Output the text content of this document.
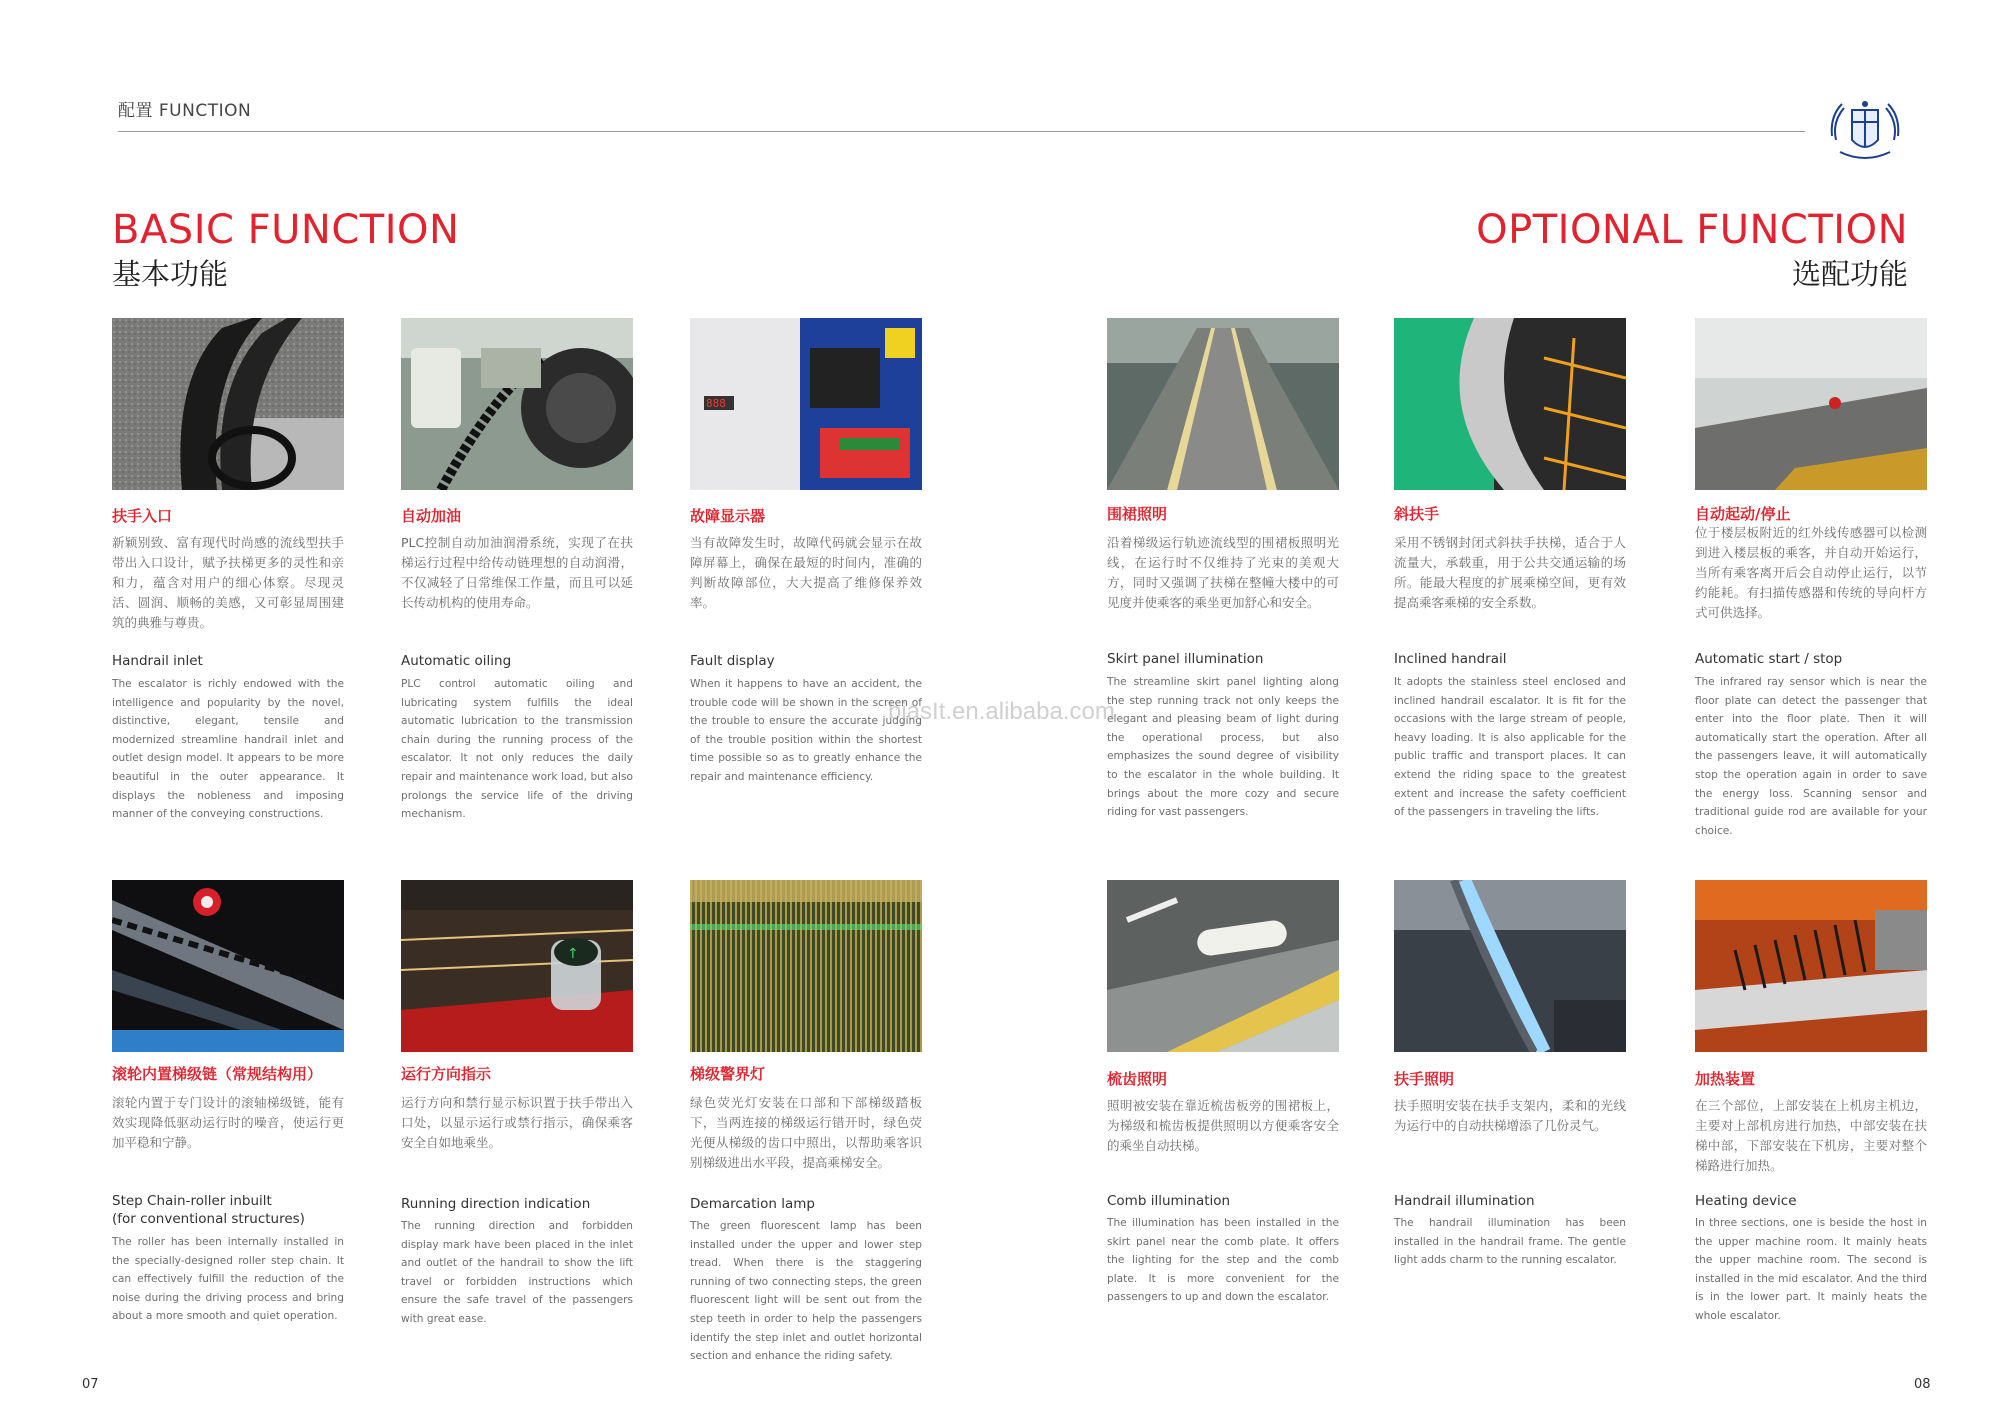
配置 FUNCTION
BASIC FUNCTION
基本功能
OPTIONAL FUNCTION
选配功能
888
扶手入口
新颖别致、富有现代时尚感的流线型扶手带出入口设计，赋予扶梯更多的灵性和亲和力，蕴含对用户的细心体察。尽现灵活、圆润、顺畅的美感，又可彰显周围建筑的典雅与尊贵。
Handrail inlet
The escalator is richly endowed with the intelligence and popularity by the novel, distinctive, elegant, tensile and modernized streamline handrail inlet and outlet design model. It appears to be more beautiful in the outer appearance. It displays the nobleness and imposing manner of the conveying constructions.
自动加油
PLC控制自动加油润滑系统，实现了在扶梯运行过程中给传动链理想的自动润滑，不仅减轻了日常维保工作量，而且可以延长传动机构的使用寿命。
Automatic oiling
PLC control automatic oiling and lubricating system fulfills the ideal automatic lubrication to the transmission chain during the running process of the escalator. It not only reduces the daily repair and maintenance work load, but also prolongs the service life of the driving mechanism.
故障显示器
当有故障发生时，故障代码就会显示在故障屏幕上，确保在最短的时间内，准确的判断故障部位，大大提高了维修保养效率。
Fault display
When it happens to have an accident, the trouble code will be shown in the screen of the trouble to ensure the accurate judging of the trouble position within the shortest time possible so as to greatly enhance the repair and maintenance efficiency.
围裙照明
沿着梯级运行轨迹流线型的围裙板照明光线，在运行时不仅维持了光束的美观大方，同时又强调了扶梯在整幢大楼中的可见度并使乘客的乘坐更加舒心和安全。
Skirt panel illumination
The streamline skirt panel lighting along the step running track not only keeps the elegant and pleasing beam of light during the operational process, but also emphasizes the sound degree of visibility to the escalator in the whole building. It brings about the more cozy and secure riding for vast passengers.
斜扶手
采用不锈钢封闭式斜扶手扶梯，适合于人流量大，承载重，用于公共交通运输的场所。能最大程度的扩展乘梯空间，更有效提高乘客乘梯的安全系数。
Inclined handrail
It adopts the stainless steel enclosed and inclined handrail escalator. It is fit for the occasions with the large stream of people, heavy loading. It is also applicable for the public traffic and transport places. It can extend the riding space to the greatest extent and increase the safety coefficient of the passengers in traveling the lifts.
自动起动/停止
位于楼层板附近的红外线传感器可以检测到进入楼层板的乘客，并自动开始运行，当所有乘客离开后会自动停止运行，以节约能耗。有扫描传感器和传统的导向杆方式可供选择。
Automatic start / stop
The infrared ray sensor which is near the floor plate can detect the passenger that enter into the floor plate. Then it will automatically start the operation. After all the passengers leave, it will automatically stop the operation again in order to save the energy loss. Scanning sensor and traditional guide rod are available for your choice.
↑
滚轮内置梯级链（常规结构用）
滚轮内置于专门设计的滚轴梯级链，能有效实现降低驱动运行时的噪音，使运行更加平稳和宁静。
Step Chain-roller inbuilt
(for conventional structures)
The roller has been internally installed in the specially-designed roller step chain. It can effectively fulfill the reduction of the noise during the driving process and bring about a more smooth and quiet operation.
运行方向指示
运行方向和禁行显示标识置于扶手带出入口处，以显示运行或禁行指示，确保乘客安全自如地乘坐。
Running direction indication
The running direction and forbidden display mark have been placed in the inlet and outlet of the handrail to show the lift travel or forbidden instructions which ensure the safe travel of the passengers with great ease.
梯级警界灯
绿色荧光灯安装在口部和下部梯级踏板下，当两连接的梯级运行错开时，绿色荧光便从梯级的齿口中照出，以帮助乘客识别梯级进出水平段，提高乘梯安全。
Demarcation lamp
The green fluorescent lamp has been installed under the upper and lower step tread. When there is the staggering running of two connecting steps, the green fluorescent light will be sent out from the step teeth in order to help the passengers identify the step inlet and outlet horizontal section and enhance the riding safety.
梳齿照明
照明被安装在靠近梳齿板旁的围裙板上，为梯级和梳齿板提供照明以方便乘客安全的乘坐自动扶梯。
Comb illumination
The illumination has been installed in the skirt panel near the comb plate. It offers the lighting for the step and the comb plate. It is more convenient for the passengers to up and down the escalator.
扶手照明
扶手照明安装在扶手支架内，柔和的光线为运行中的自动扶梯增添了几份灵气。
Handrail illumination
The handrail illumination has been installed in the handrail frame. The gentle light adds charm to the running escalator.
加热装置
在三个部位，上部安装在上机房主机边，主要对上部机房进行加热，中部安装在扶梯中部，下部安装在下机房，主要对整个梯路进行加热。
Heating device
In three sections, one is beside the host in the upper machine room. It mainly heats the upper machine room. The second is installed in the mid escalator. And the third is in the lower part. It mainly heats the whole escalator.
bjasIt.en.alibaba.com
07	08
